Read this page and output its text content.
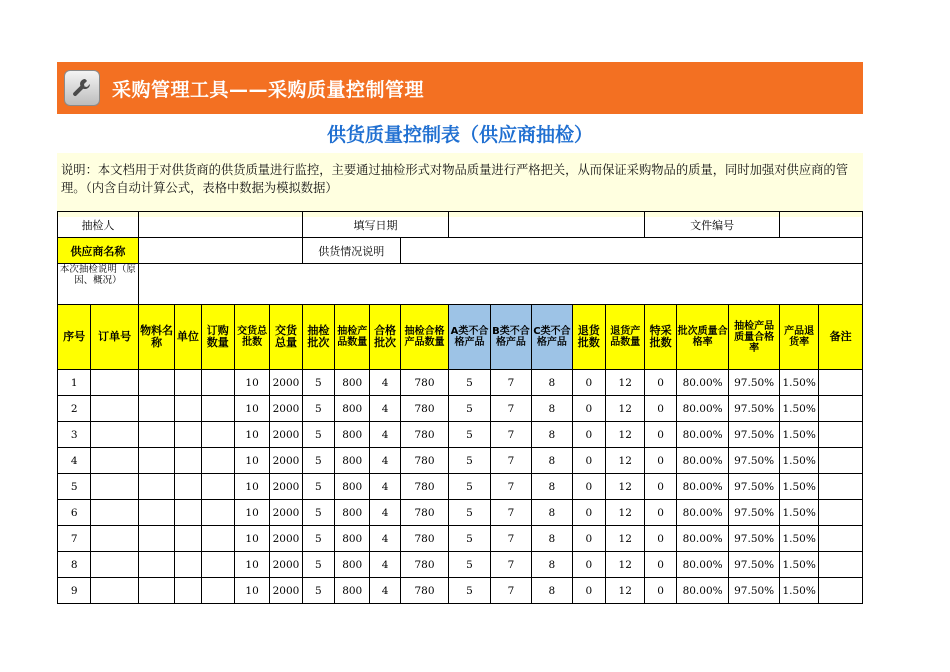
采购管理工具——采购质量控制管理
供货质量控制表（供应商抽检）
说明：本文档用于对供货商的供货质量进行监控，主要通过抽检形式对物品质量进行严格把关，从而保证采购物品的质量，同时加强对供应商的管理。（内含自动计算公式，表格中数据为模拟数据）
抽检人							填写日期									文件编号				
供应商名称							供货情况说明													
本次抽检说明（原因、概况）																				
序号	订单号	物料名称	单位	订购数量	交货总批数	交货总量	抽检批次	抽检产品数量	合格批次	抽检合格产品数量	A类不合格产品	B类不合格产品	C类不合格产品	退货批数	退货产品数量	特采批数	批次质量合格率	抽检产品质量合格率	产品退货率	备注
1					10	2000	5	800	4	780	5	7	8	0	12	0	80.00%	97.50%	1.50%	
2					10	2000	5	800	4	780	5	7	8	0	12	0	80.00%	97.50%	1.50%	
3					10	2000	5	800	4	780	5	7	8	0	12	0	80.00%	97.50%	1.50%	
4					10	2000	5	800	4	780	5	7	8	0	12	0	80.00%	97.50%	1.50%	
5					10	2000	5	800	4	780	5	7	8	0	12	0	80.00%	97.50%	1.50%	
6					10	2000	5	800	4	780	5	7	8	0	12	0	80.00%	97.50%	1.50%	
7					10	2000	5	800	4	780	5	7	8	0	12	0	80.00%	97.50%	1.50%	
8					10	2000	5	800	4	780	5	7	8	0	12	0	80.00%	97.50%	1.50%	
9					10	2000	5	800	4	780	5	7	8	0	12	0	80.00%	97.50%	1.50%	
